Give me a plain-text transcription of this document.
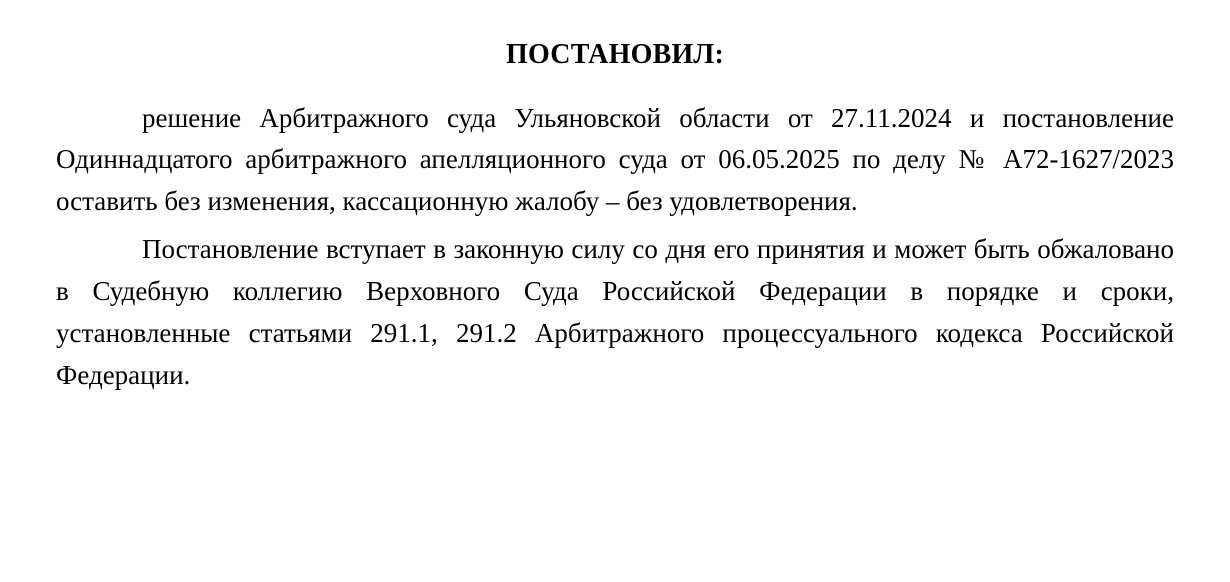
ПОСТАНОВИЛ:

решение Арбитражного суда Ульяновской области от 27.11.2024 и постановление Одиннадцатого арбитражного апелляционного суда от 06.05.2025 по делу № А72-1627/2023 оставить без изменения, кассационную жалобу – без удовлетворения.

Постановление вступает в законную силу со дня его принятия и может быть обжаловано в Судебную коллегию Верховного Суда Российской Федерации в порядке и сроки, установленные статьями 291.1, 291.2 Арбитражного процессуального кодекса Российской Федерации.
